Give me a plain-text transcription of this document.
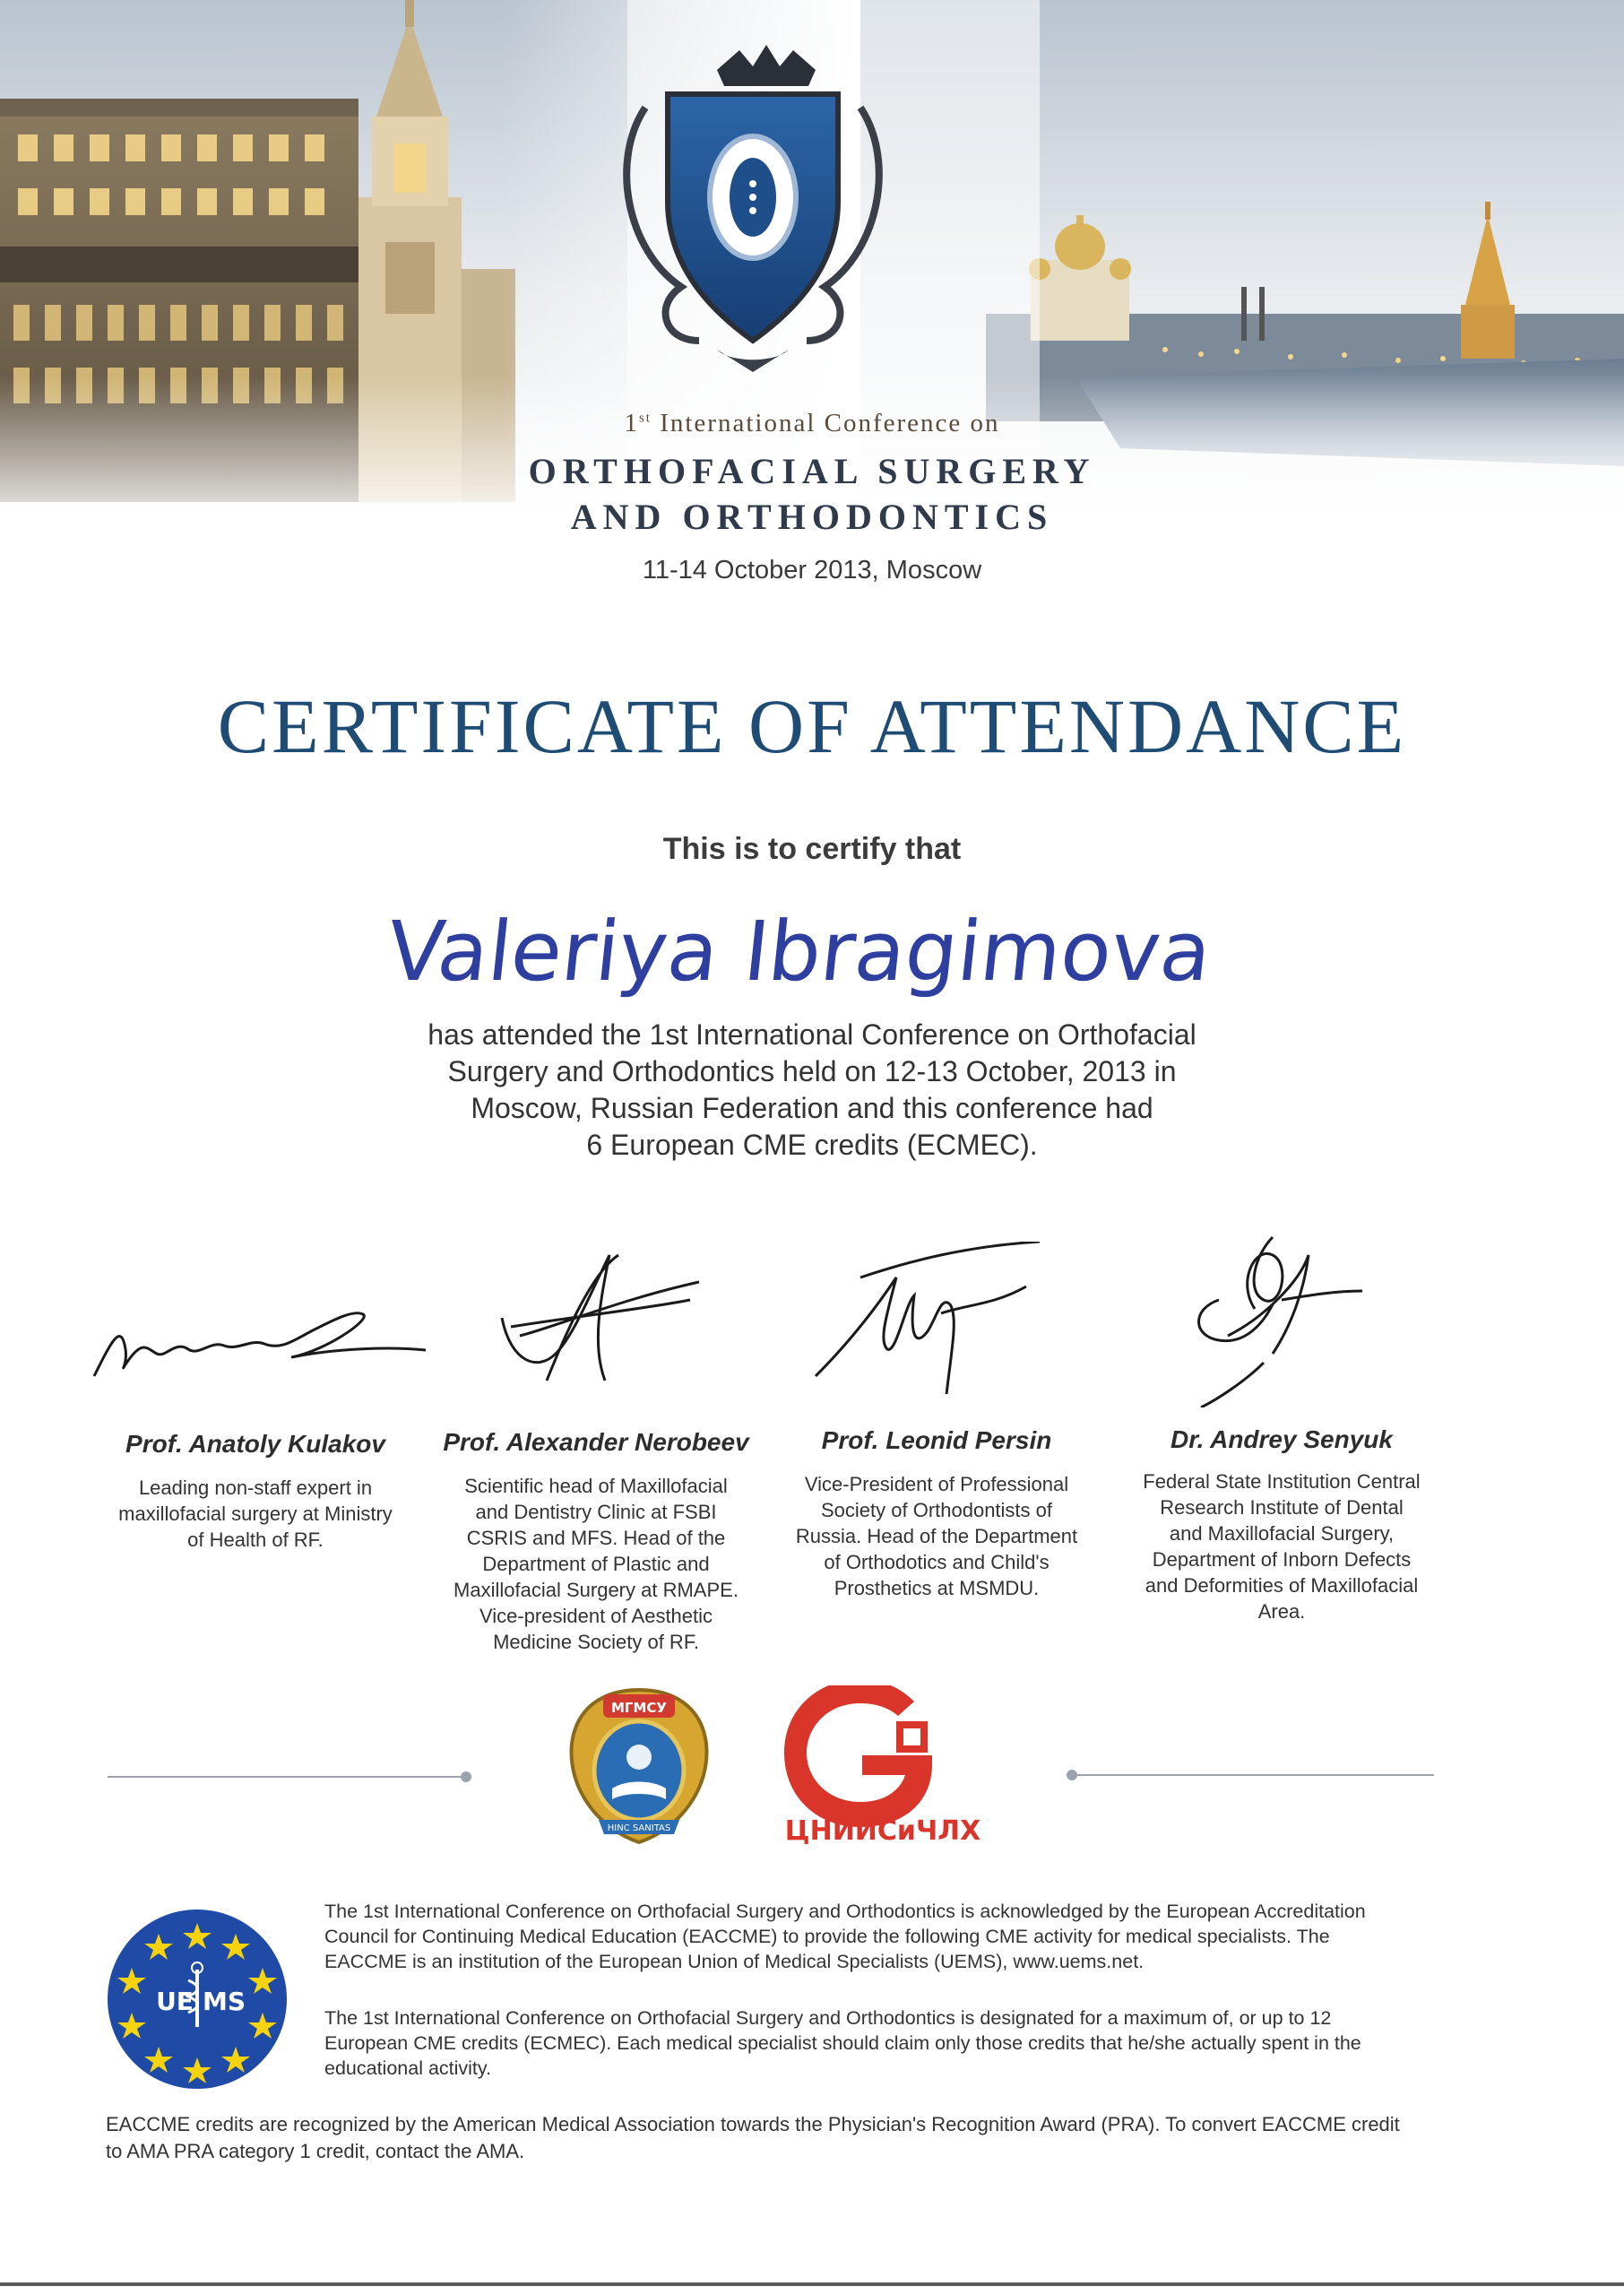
1st International Conference on
ORTHOFACIAL SURGERY
AND ORTHODONTICS
11-14 October 2013, Moscow
CERTIFICATE OF ATTENDANCE
This is to certify that
Valeriya Ibragimova
has attended the 1st International Conference on Orthofacial
Surgery and Orthodontics held on 12-13 October, 2013 in
Moscow, Russian Federation and this conference had
6 European CME credits (ECMEC).
Prof. Anatoly Kulakov
Leading non-staff expert in
maxillofacial surgery at Ministry
of Health of RF.
Prof. Alexander Nerobeev
Scientific head of Maxillofacial
and Dentistry Clinic at FSBI
CSRIS and MFS. Head of the
Department of Plastic and
Maxillofacial Surgery at RMAPE.
Vice-president of Aesthetic
Medicine Society of RF.
Prof. Leonid Persin
Vice-President of Professional
Society of Orthodontists of
Russia. Head of the Department
of Orthodotics and Child's
Prosthetics at MSMDU.
Dr. Andrey Senyuk
Federal State Institution Central
Research Institute of Dental
and Maxillofacial Surgery,
Department of Inborn Defects
and Deformities of Maxillofacial
Area.
МГМСУ
HINC SANITAS	ЦНИИСиЧЛХ
UE MS
The 1st International Conference on Orthofacial Surgery and Orthodontics is acknowledged by the European Accreditation
Council for Continuing Medical Education (EACCME) to provide the following CME activity for medical specialists. The
EACCME is an institution of the European Union of Medical Specialists (UEMS), www.uems.net.
The 1st International Conference on Orthofacial Surgery and Orthodontics is designated for a maximum of, or up to 12
European CME credits (ECMEC). Each medical specialist should claim only those credits that he/she actually spent in the
educational activity.
EACCME credits are recognized by the American Medical Association towards the Physician's Recognition Award (PRA). To convert EACCME credit
to AMA PRA category 1 credit, contact the AMA.
